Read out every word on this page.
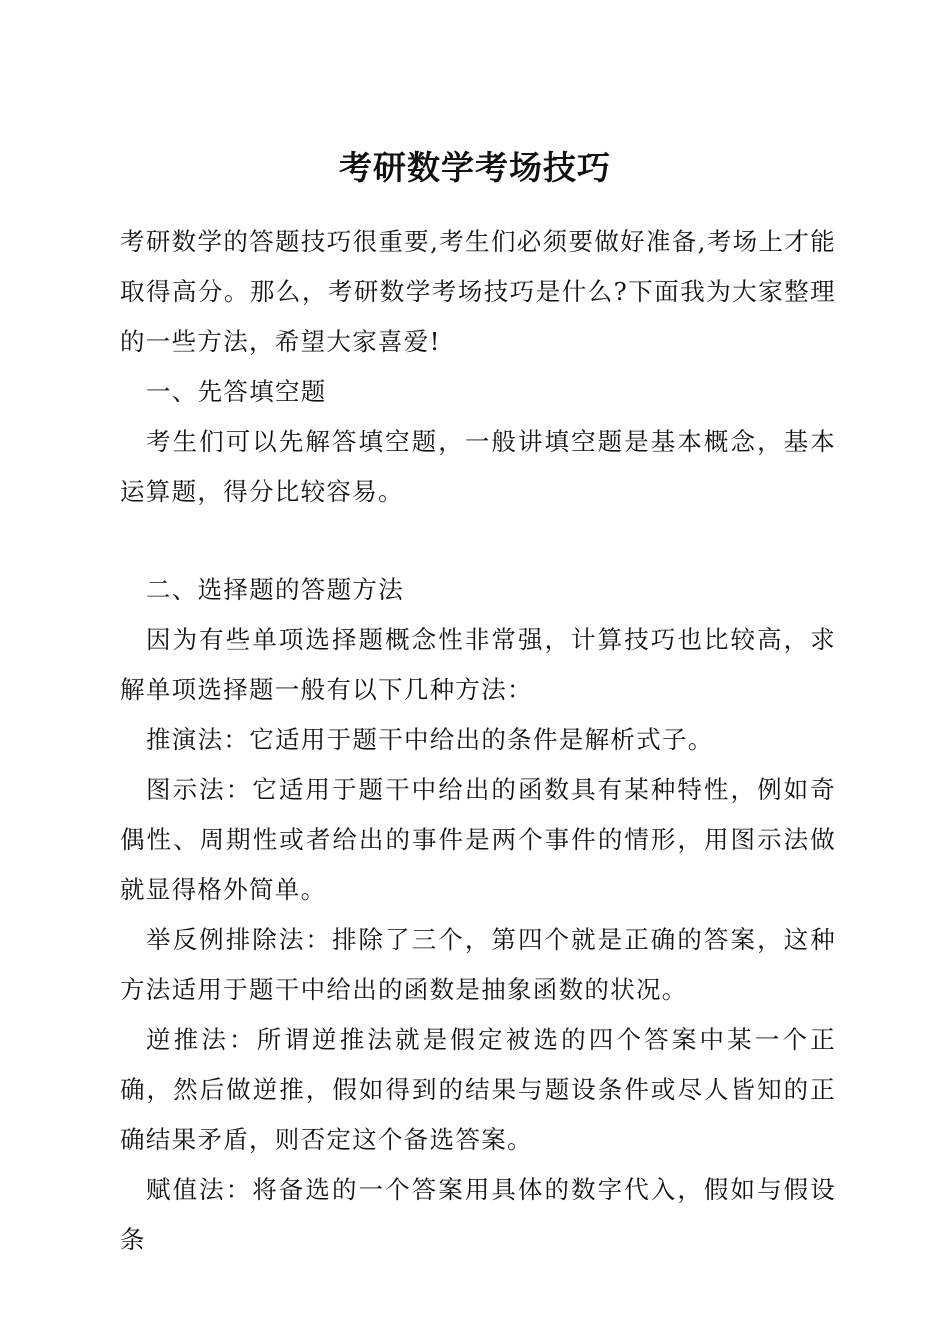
考研数学考场技巧

考研数学的答题技巧很重要,考生们必须要做好准备,考场上才能取得高分。那么，考研数学考场技巧是什么?下面我为大家整理的一些方法，希望大家喜爱!

一、先答填空题

考生们可以先解答填空题，一般讲填空题是基本概念，基本运算题，得分比较容易。

二、选择题的答题方法

因为有些单项选择题概念性非常强，计算技巧也比较高，求解单项选择题一般有以下几种方法：

推演法：它适用于题干中给出的条件是解析式子。

图示法：它适用于题干中给出的函数具有某种特性，例如奇偶性、周期性或者给出的事件是两个事件的情形，用图示法做就显得格外简单。

举反例排除法：排除了三个，第四个就是正确的答案，这种方法适用于题干中给出的函数是抽象函数的状况。

逆推法：所谓逆推法就是假定被选的四个答案中某一个正确，然后做逆推，假如得到的结果与题设条件或尽人皆知的正确结果矛盾，则否定这个备选答案。

赋值法：将备选的一个答案用具体的数字代入，假如与假设条
